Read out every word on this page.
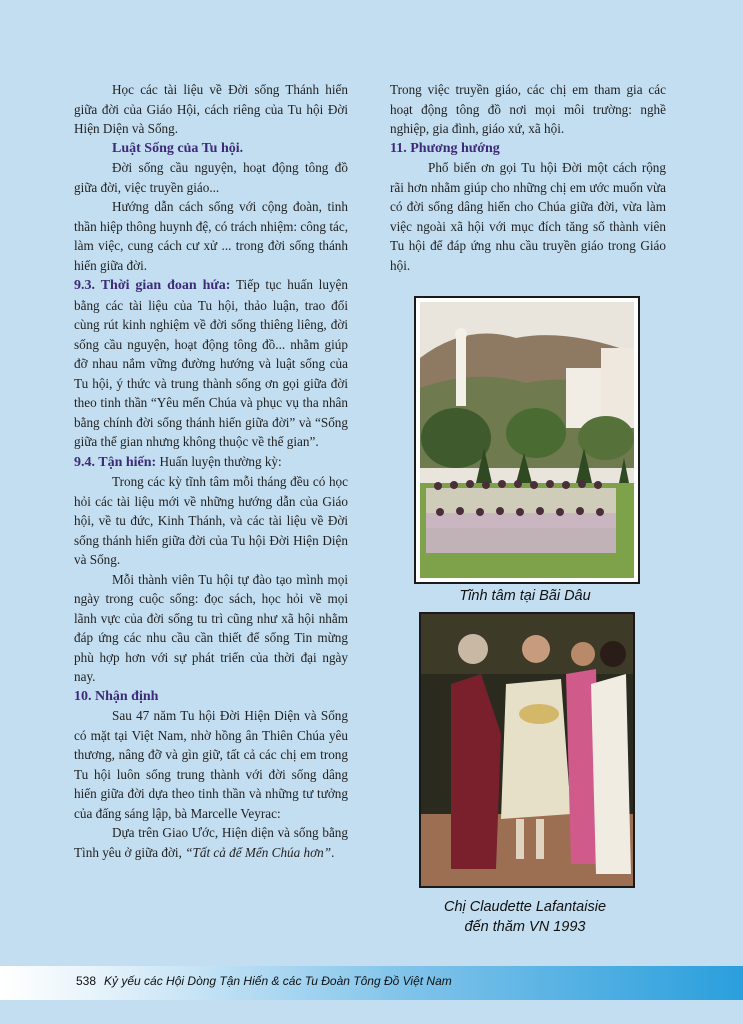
Học các tài liệu về Đời sống Thánh hiến giữa đời của Giáo Hội, cách riêng của Tu hội Đời Hiện Diện và Sống.

Luật Sống của Tu hội.

Đời sống cầu nguyện, hoạt động tông đồ giữa đời, việc truyền giáo...

Hướng dẫn cách sống với cộng đoàn, tinh thần hiệp thông huynh đệ, có trách nhiệm: công tác, làm việc, cung cách cư xử ... trong đời sống thánh hiến giữa đời.

9.3. Thời gian đoan hứa: Tiếp tục huấn luyện bằng các tài liệu của Tu hội, thảo luận, trao đổi cùng rút kinh nghiệm về đời sống thiêng liêng, đời sống cầu nguyện, hoạt động tông đồ... nhằm giúp đỡ nhau nắm vững đường hướng và luật sống của Tu hội, ý thức và trung thành sống ơn gọi giữa đời theo tinh thần “Yêu mến Chúa và phục vụ tha nhân bằng chính đời sống thánh hiến giữa đời” và “Sống giữa thế gian nhưng không thuộc về thế gian”.

9.4. Tận hiến: Huấn luyện thường kỳ:

Trong các kỳ tĩnh tâm mỗi tháng đều có học hỏi các tài liệu mới về những hướng dẫn của Giáo hội, về tu đức, Kinh Thánh, và các tài liệu về Đời sống thánh hiến giữa đời của Tu hội Đời Hiện Diện và Sống.

Mỗi thành viên Tu hội tự đào tạo mình mọi ngày trong cuộc sống: đọc sách, học hỏi về mọi lãnh vực của đời sống tu trì cũng như xã hội nhằm đáp ứng các nhu cầu cần thiết để sống Tin mừng phù hợp hơn với sự phát triển của thời đại ngày nay.

10. Nhận định

Sau 47 năm Tu hội Đời Hiện Diện và Sống có mặt tại Việt Nam, nhờ hồng ân Thiên Chúa yêu thương, nâng đỡ và gìn giữ, tất cả các chị em trong Tu hội luôn sống trung thành với đời sống dâng hiến giữa đời dựa theo tinh thần và những tư tưởng của đấng sáng lập, bà Marcelle Veyrac:

Dựa trên Giao Ước, Hiện diện và sống bằng Tình yêu ở giữa đời, “Tất cả để Mến Chúa hơn”.

Trong việc truyền giáo, các chị em tham gia các hoạt động tông đồ nơi mọi môi trường: nghề nghiệp, gia đình, giáo xứ, xã hội.

11. Phương hướng

Phổ biến ơn gọi Tu hội Đời một cách rộng rãi hơn nhằm giúp cho những chị em ước muốn vừa có đời sống dâng hiến cho Chúa giữa đời, vừa làm việc ngoài xã hội với mục đích tăng số thành viên Tu hội để đáp ứng nhu cầu truyền giáo trong Giáo hội.

Tĩnh tâm tại Bãi Dâu
Chị Claudette Lafantaisie
đến thăm VN 1993
538 Kỷ yếu các Hội Dòng Tận Hiến & các Tu Đoàn Tông Đồ Việt Nam
